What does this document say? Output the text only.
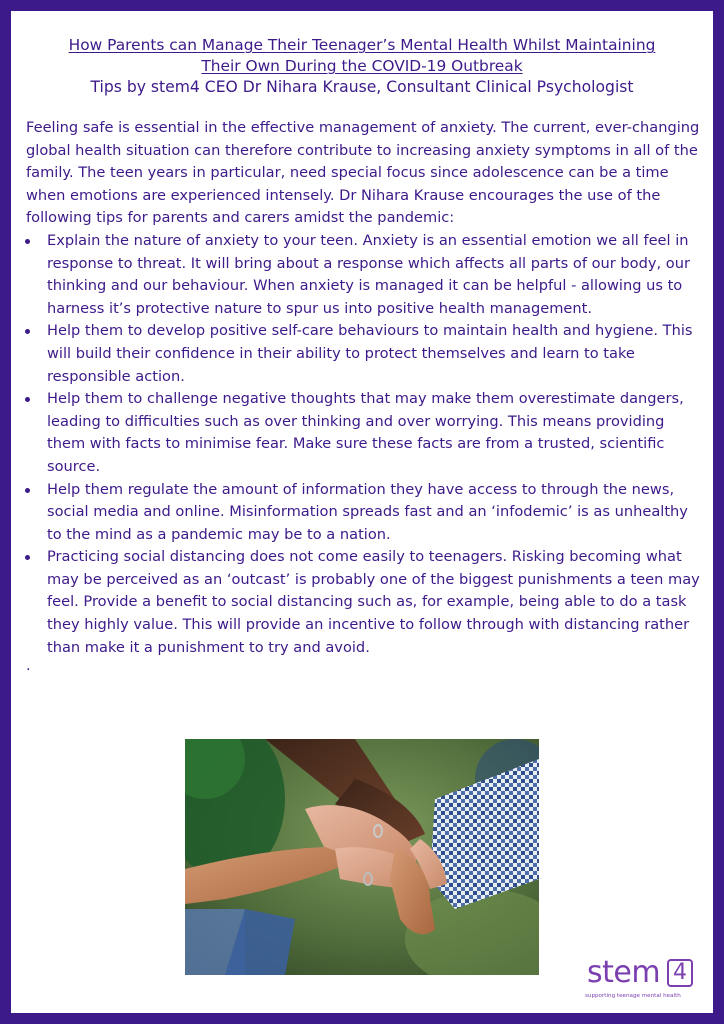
How Parents can Manage Their Teenager’s Mental Health Whilst Maintaining
Their Own During the COVID-19 Outbreak
Tips by stem4 CEO Dr Nihara Krause, Consultant Clinical Psychologist

Feeling safe is essential in the effective management of anxiety. The current, ever-changing global health situation can therefore contribute to increasing anxiety symptoms in all of the family. The teen years in particular, need special focus since adolescence can be a time when emotions are experienced intensely. Dr Nihara Krause encourages the use of the following tips for parents and carers amidst the pandemic:

Explain the nature of anxiety to your teen. Anxiety is an essential emotion we all feel in response to threat. It will bring about a response which affects all parts of our body, our thinking and our behaviour. When anxiety is managed it can be helpful - allowing us to harness it’s protective nature to spur us into positive health management.
Help them to develop positive self-care behaviours to maintain health and hygiene. This will build their confidence in their ability to protect themselves and learn to take responsible action.
Help them to challenge negative thoughts that may make them overestimate dangers, leading to difficulties such as over thinking and over worrying. This means providing them with facts to minimise fear. Make sure these facts are from a trusted, scientific source.
Help them regulate the amount of information they have access to through the news, social media and online. Misinformation spreads fast and an ‘infodemic’ is as unhealthy to the mind as a pandemic may be to a nation.
Practicing social distancing does not come easily to teenagers. Risking becoming what may be perceived as an ‘outcast’ is probably one of the biggest punishments a teen may feel. Provide a benefit to social distancing such as, for example, being able to do a task they highly value. This will provide an incentive to follow through with distancing rather than make it a punishment to try and avoid.
.
stem 4
supporting teenage mental health
